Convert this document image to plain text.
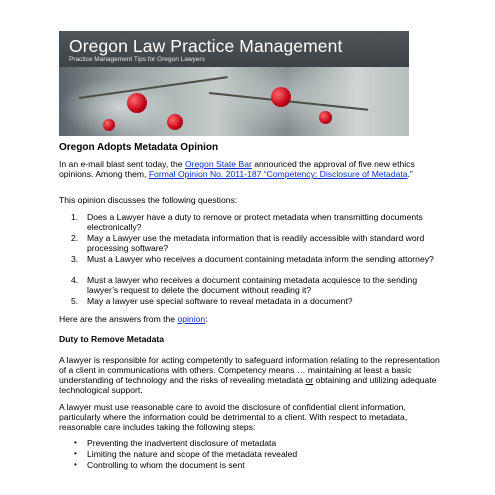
Oregon Law Practice Management
Practice Management Tips for Oregon Lawyers
Oregon Adopts Metadata Opinion

In an e-mail blast sent today, the Oregon State Bar announced the approval of five new ethics opinions. Among them, Formal Opinion No. 2011-187 “Competency: Disclosure of Metadata.”

This opinion discusses the following questions:

1. Does a Lawyer have a duty to remove or protect metadata when transmitting documents electronically?

2. May a Lawyer use the metadata information that is readily accessible with standard word processing software?

3. Must a Lawyer who receives a document containing metadata inform the sending attorney?

4. Must a lawyer who receives a document containing metadata acquiesce to the sending lawyer’s request to delete the document without reading it?

5. May a lawyer use special software to reveal metadata in a document?

Here are the answers from the opinion:

Duty to Remove Metadata

A lawyer is responsible for acting competently to safeguard information relating to the representation of a client in communications with others. Competency means … maintaining at least a basic understanding of technology and the risks of revealing metadata or obtaining and utilizing adequate technological support.

A lawyer must use reasonable care to avoid the disclosure of confidential client information, particularly where the information could be detrimental to a client. With respect to metadata, reasonable care includes taking the following steps:

• Preventing the inadvertent disclosure of metadata

• Limiting the nature and scope of the metadata revealed

• Controlling to whom the document is sent
